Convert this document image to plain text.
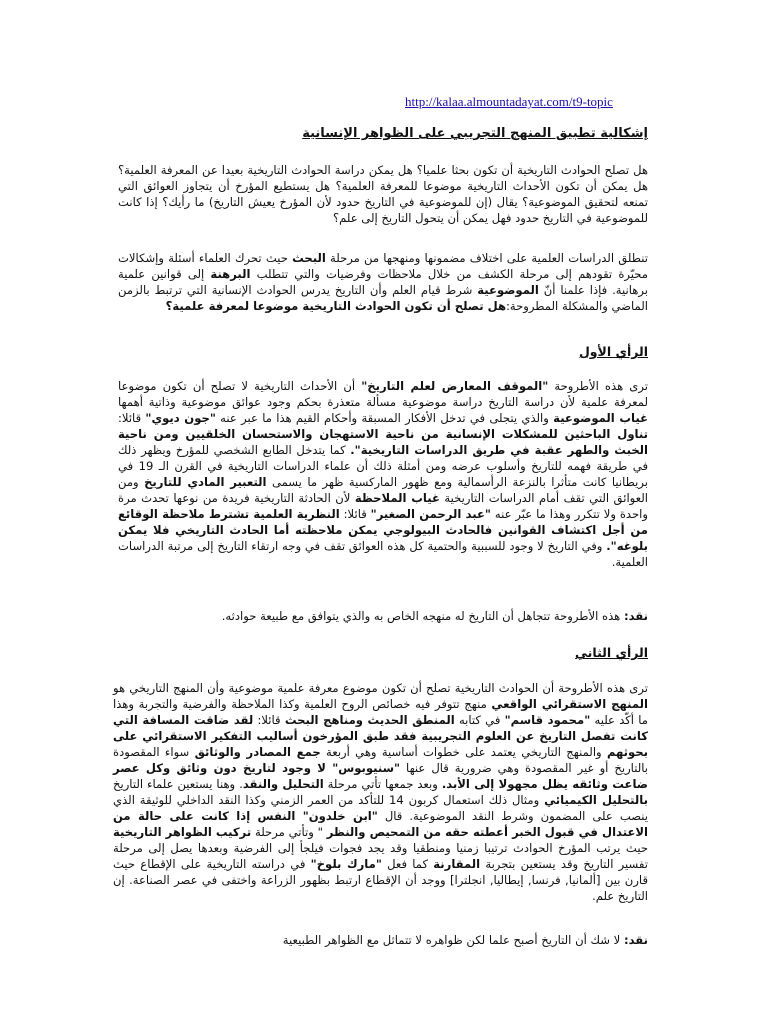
http://kalaa.almountadayat.com/t9-topic
إشكالية تطبيق المنهج التجريبي على الظواهر الإنسانية

هل تصلح الحوادث التاريخية أن تكون بحثا علميا؟ هل يمكن دراسة الحوادث التاريخية بعيدا عن المعرفة العلمية؟ هل يمكن أن تكون الأحداث التاريخية موضوعا للمعرفة العلمية؟ هل يستطيع المؤرخ أن يتجاوز العوائق التي تمنعه لتحقيق الموضوعية؟ يقال (إن للموضوعية في التاريخ حدود لأن المؤرخ يعيش التاريخ) ما رأيك؟ إذا كانت للموضوعية في التاريخ حدود فهل يمكن أن يتحول التاريخ إلى علم؟

تنطلق الدراسات العلمية على اختلاف مضمونها ومنهجها من مرحلة البحث حيث تحرك العلماء أسئلة وإشكالات محيّرة تقودهم إلى مرحلة الكشف من خلال ملاحظات وفرضيات والتي تتطلب البرهنة إلى قوانين علمية برهانية. فإذا علمنا أنّ الموضوعية شرط قيام العلم وأن التاريخ يدرس الحوادث الإنسانية التي ترتبط بالزمن الماضي والمشكلة المطروحة:هل تصلح أن تكون الحوادث التاريخية موضوعا لمعرفة علمية؟

الرأي الأول

ترى هذه الأطروحة "الموقف المعارض لعلم التاريخ" أن الأحداث التاريخية لا تصلح أن تكون موضوعا لمعرفة علمية لأن دراسة التاريخ دراسة موضوعية مسألة متعذرة بحكم وجود عوائق موضوعية وذاتية أهمها غياب الموضوعية والذي يتجلى في تدخل الأفكار المسبقة وأحكام القيم هذا ما عبر عنه "جون ديوي" قائلا: تناول الباحثين للمشكلات الإنسانية من ناحية الاستهجان والاستحسان الخلقيين ومن ناحية الخبث والطهر عقبة في طريق الدراسات التاريخية". كما يتدخل الطابع الشخصي للمؤرخ ويظهر ذلك في طريقة فهمه للتاريخ وأسلوب عرضه ومن أمثلة ذلك أن علماء الدراسات التاريخية في القرن الـ 19 في بريطانيا كانت متأثرا بالنزعة الرأسمالية ومع ظهور الماركسية ظهر ما يسمى التعبير المادي للتاريخ ومن العوائق التي تقف أمام الدراسات التاريخية غياب الملاحظة لأن الحادثة التاريخية فريدة من نوعها تحدث مرة واحدة ولا تتكرر وهذا ما عبّر عنه "عبد الرحمن الصغير" قائلا: النظرية العلمية تشترط ملاحظة الوقائع من أجل اكتشاف القوانين فالحادث البيولوجي يمكن ملاحظته أما الحادث التاريخي فلا يمكن بلوغه". وفي التاريخ لا وجود للسببية والحتمية كل هذه العوائق تقف في وجه ارتقاء التاريخ إلى مرتبة الدراسات العلمية.

نقد: هذه الأطروحة تتجاهل أن التاريخ له منهجه الخاص به والذي يتوافق مع طبيعة حوادثه.

الرأي الثاني

ترى هذه الأطروحة أن الحوادث التاريخية تصلح أن تكون موضوع معرفة علمية موضوعية وأن المنهج التاريخي هو المنهج الاستقرائي الواقعي منهج تتوفر فيه خصائص الروح العلمية وكذا الملاحظة والفرضية والتجربة وهذا ما أكّد عليه "محمود قاسم" في كتابه المنطق الحديث ومناهج البحث قائلا: لقد ضاقت المسافة التي كانت تفصل التاريخ عن العلوم التجريبية فقد طبق المؤرخون أساليب التفكير الاستقرائي على بحوثهم والمنهج التاريخي يعتمد على خطوات أساسية وهي أربعة جمع المصادر والوثائق سواء المقصودة بالتاريخ أو غير المقصودة وهي ضرورية قال عنها "سنيوبوس" لا وجود لتاريخ دون وثائق وكل عصر ضاعت وثائقه يظل مجهولا إلى الأبد. وبعد جمعها تأتي مرحلة التحليل والنقد. وهنا يستعين علماء التاريخ بالتحليل الكيميائي ومثال ذلك استعمال كربون 14 للتأكد من العمر الزمني وكذا النقد الداخلي للوثيقة الذي ينصب على المضمون وشرط النقد الموضوعية. قال "ابن خلدون" النفس إذا كانت على حالة من الاعتدال في قبول الخبر أعطته حقه من التمحيص والنظر " وتأتي مرحلة تركيب الظواهر التاريخية حيث يرتب المؤرخ الحوادث ترتيبا زمنيا ومنطقيا وقد يجد فجوات فيلجأ إلى الفرضية وبعدها يصل إلى مرحلة تفسير التاريخ وقد يستعين بتجربة المقارنة كما فعل "مارك بلوخ" في دراسته التاريخية على الإقطاع حيث قارن بين [ألمانيا, فرنسا, إيطاليا, انجلترا] ووجد أن الإقطاع ارتبط بظهور الزراعة واختفى في عصر الصناعة. إن التاريخ علم.

نقد: لا شك أن التاريخ أصبح علما لكن ظواهره لا تتماثل مع الظواهر الطبيعية
